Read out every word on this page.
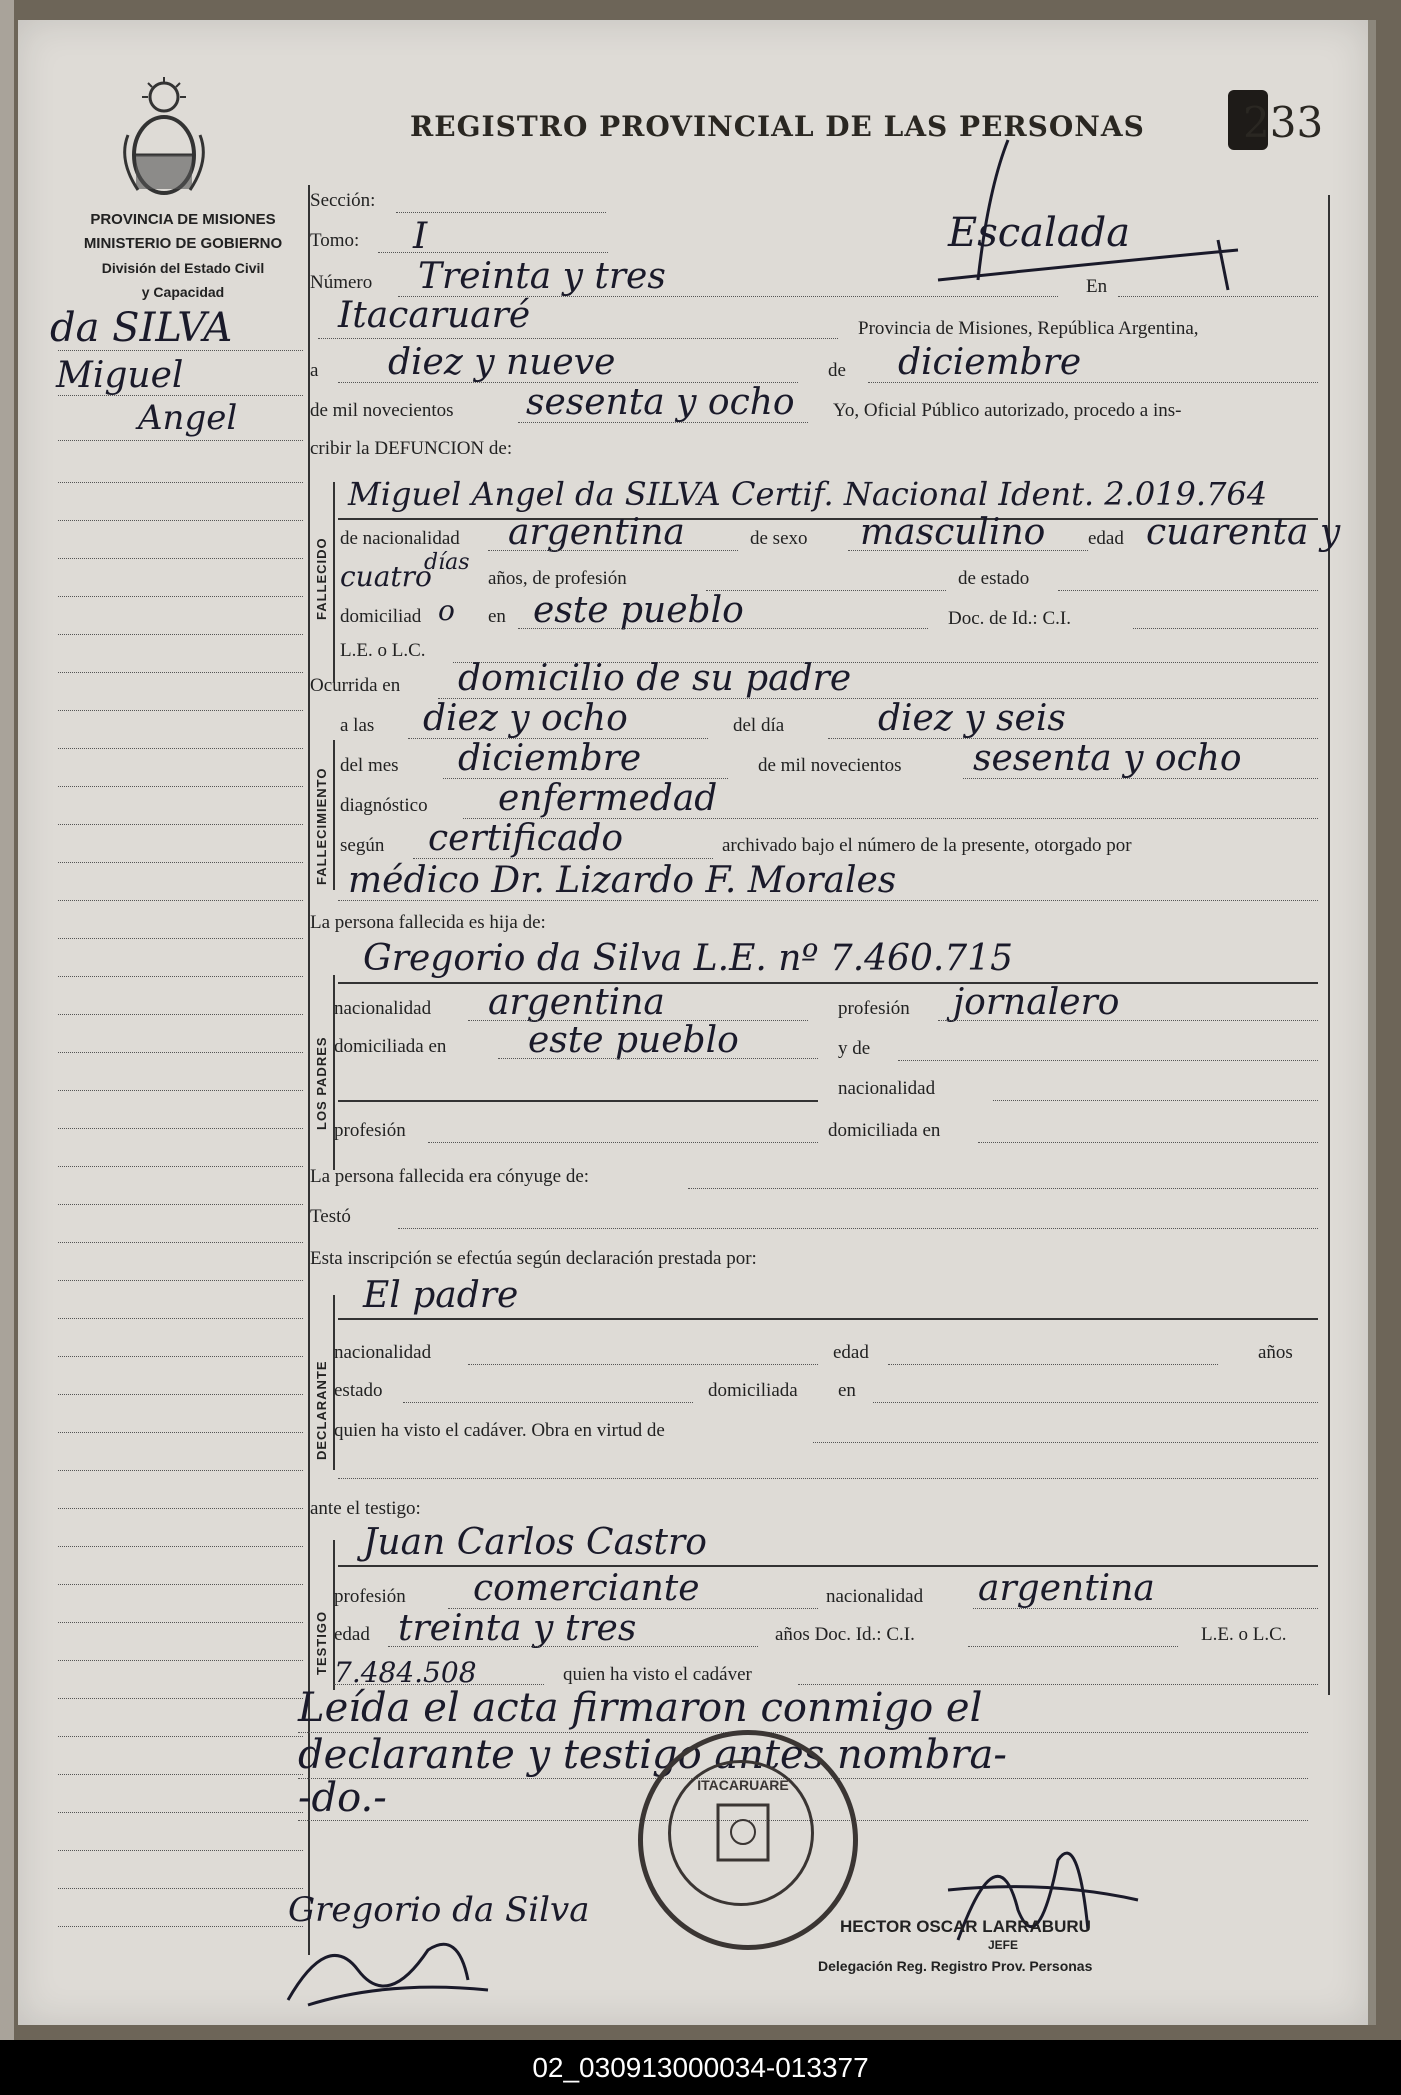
PROVINCIA DE MISIONES
MINISTERIO DE GOBIERNO
División del Estado Civil
y Capacidad
REGISTRO PROVINCIAL DE LAS PERSONAS 233
Escalada
da SILVA
Miguel
Angel
Sección:
Tomo: I
Número Treinta y tres	En
Itacaruaré	Provincia de Misiones, República Argentina,
a diez y nueve	de diciembre
de mil novecientos sesenta y ocho Yo, Oficial Público autorizado, procedo a ins-
cribir la DEFUNCION de:
FALLECIDO
Miguel Angel da SILVA Certif. Nacional Ident. 2.019.764
de nacionalidad argentina	de sexo masculino edad cuarenta y
cuatro
días
años, de profesión	de estado
domiciliad o en este pueblo	Doc. de Id.: C.I.
L.E. o L.C.
Ocurrida en domicilio de su padre
FALLECIMIENTO
a las diez y ocho	del día	diez y seis
del mes diciembre	de mil novecientos sesenta y ocho
diagnóstico enfermedad
según certificado	archivado bajo el número de la presente, otorgado por
médico Dr. Lizardo F. Morales
La persona fallecida es hija de:
LOS PADRES
Gregorio da Silva L.E. nº 7.460.715
nacionalidad argentina	profesión jornalero
domiciliada en este pueblo	y de
nacionalidad
profesión	domiciliada en
La persona fallecida era cónyuge de:
Testó
Esta inscripción se efectúa según declaración prestada por:
DECLARANTE
El padre
nacionalidad	edad	años
estado	domiciliada en
quien ha visto el cadáver. Obra en virtud de
ante el testigo:
TESTIGO
Juan Carlos Castro
profesión comerciante	nacionalidad argentina
edad treinta y tres	años Doc. Id.: C.I.	L.E. o L.C.
7.484.508	quien ha visto el cadáver
Leída el acta firmaron conmigo el
declarante y testigo antes nombra-
-do.-	ITACARUARE
Gregorio da Silva	HECTOR OSCAR LARRABURU
JEFE
Delegación Reg. Registro Prov. Personas
02_030913000034-013377
